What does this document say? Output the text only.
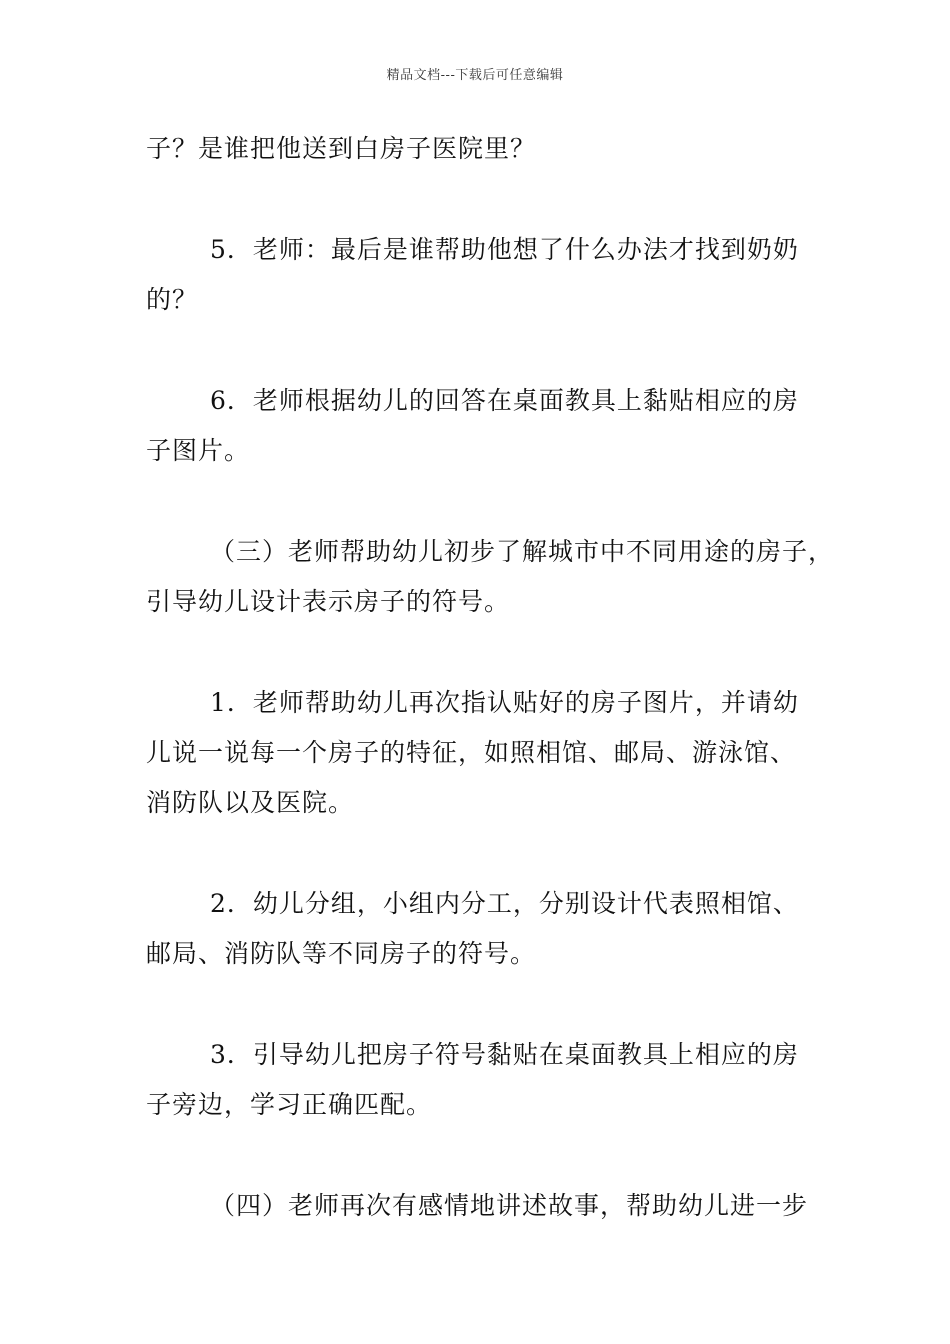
精品文档---下载后可任意编辑
子？是谁把他送到白房子医院里？
5．老师：最后是谁帮助他想了什么办法才找到奶奶
的？
6．老师根据幼儿的回答在桌面教具上黏贴相应的房
子图片。
（三）老师帮助幼儿初步了解城市中不同用途的房子，
引导幼儿设计表示房子的符号。
1．老师帮助幼儿再次指认贴好的房子图片，并请幼
儿说一说每一个房子的特征，如照相馆、邮局、游泳馆、
消防队以及医院。
2．幼儿分组，小组内分工，分别设计代表照相馆、
邮局、消防队等不同房子的符号。
3．引导幼儿把房子符号黏贴在桌面教具上相应的房
子旁边，学习正确匹配。
（四）老师再次有感情地讲述故事，帮助幼儿进一步
